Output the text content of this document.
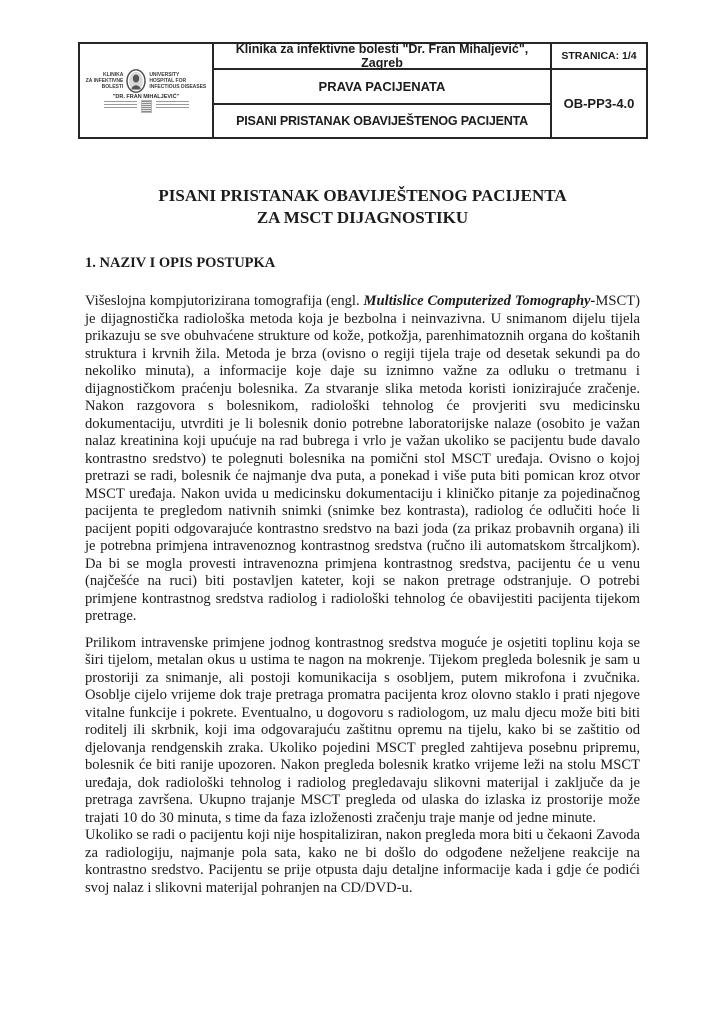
KLINIKA
ZA INFEKTIVNE
BOLESTI
UNIVERSITY
HOSPITAL FOR
INFECTIOUS DISEASES
"DR. FRAN MIHALJEVIĆ"
Klinika za infektivne bolesti "Dr. Fran Mihaljević", Zagreb	STRANICA: 1/4
PRAVA PACIJENATA
OB-PP3-4.0
PISANI PRISTANAK OBAVIJEŠTENOG PACIJENTA
PISANI PRISTANAK OBAVIJEŠTENOG PACIJENTA
ZA MSCT DIJAGNOSTIKU
1. NAZIV I OPIS POSTUPKA

Višeslojna kompjutorizirana tomografija (engl. Multislice Computerized Tomography-MSCT) je dijagnostička radiološka metoda koja je bezbolna i neinvazivna. U snimanom dijelu tijela prikazuju se sve obuhvaćene strukture od kože, potkožja, parenhimatoznih organa do koštanih struktura i krvnih žila. Metoda je brza (ovisno o regiji tijela traje od desetak sekundi pa do nekoliko minuta), a informacije koje daje su iznimno važne za odluku o tretmanu i dijagnostičkom praćenju bolesnika. Za stvaranje slika metoda koristi ionizirajuće zračenje. Nakon razgovora s bolesnikom, radiološki tehnolog će provjeriti svu medicinsku dokumentaciju, utvrditi je li bolesnik donio potrebne laboratorijske nalaze (osobito je važan nalaz kreatinina koji upućuje na rad bubrega i vrlo je važan ukoliko se pacijentu bude davalo kontrastno sredstvo) te polegnuti bolesnika na pomični stol MSCT uređaja. Ovisno o kojoj pretrazi se radi, bolesnik će najmanje dva puta, a ponekad i više puta biti pomican kroz otvor MSCT uređaja. Nakon uvida u medicinsku dokumentaciju i kliničko pitanje za pojedinačnog pacijenta te pregledom nativnih snimki (snimke bez kontrasta), radiolog će odlučiti hoće li pacijent popiti odgovarajuće kontrastno sredstvo na bazi joda (za prikaz probavnih organa) ili je potrebna primjena intravenoznog kontrastnog sredstva (ručno ili automatskom štrcaljkom). Da bi se mogla provesti intravenozna primjena kontrastnog sredstva, pacijentu će u venu (najčešće na ruci) biti postavljen kateter, koji se nakon pretrage odstranjuje. O potrebi primjene kontrastnog sredstva radiolog i radiološki tehnolog će obavijestiti pacijenta tijekom pretrage.

Prilikom intravenske primjene jodnog kontrastnog sredstva moguće je osjetiti toplinu koja se širi tijelom, metalan okus u ustima te nagon na mokrenje. Tijekom pregleda bolesnik je sam u prostoriji za snimanje, ali postoji komunikacija s osobljem, putem mikrofona i zvučnika. Osoblje cijelo vrijeme dok traje pretraga promatra pacijenta kroz olovno staklo i prati njegove vitalne funkcije i pokrete. Eventualno, u dogovoru s radiologom, uz malu djecu može biti biti roditelj ili skrbnik, koji ima odgovarajuću zaštitnu opremu na tijelu, kako bi se zaštitio od djelovanja rendgenskih zraka. Ukoliko pojedini MSCT pregled zahtijeva posebnu pripremu, bolesnik će biti ranije upozoren. Nakon pregleda bolesnik kratko vrijeme leži na stolu MSCT uređaja, dok radiološki tehnolog i radiolog pregledavaju slikovni materijal i zaključe da je pretraga završena. Ukupno trajanje MSCT pregleda od ulaska do izlaska iz prostorije može trajati 10 do 30 minuta, s time da faza izloženosti zračenju traje manje od jedne minute.

Ukoliko se radi o pacijentu koji nije hospitaliziran, nakon pregleda mora biti u čekaoni Zavoda za radiologiju, najmanje pola sata, kako ne bi došlo do odgođene neželjene reakcije na kontrastno sredstvo. Pacijentu se prije otpusta daju detaljne informacije kada i gdje će podići svoj nalaz i slikovni materijal pohranjen na CD/DVD-u.
